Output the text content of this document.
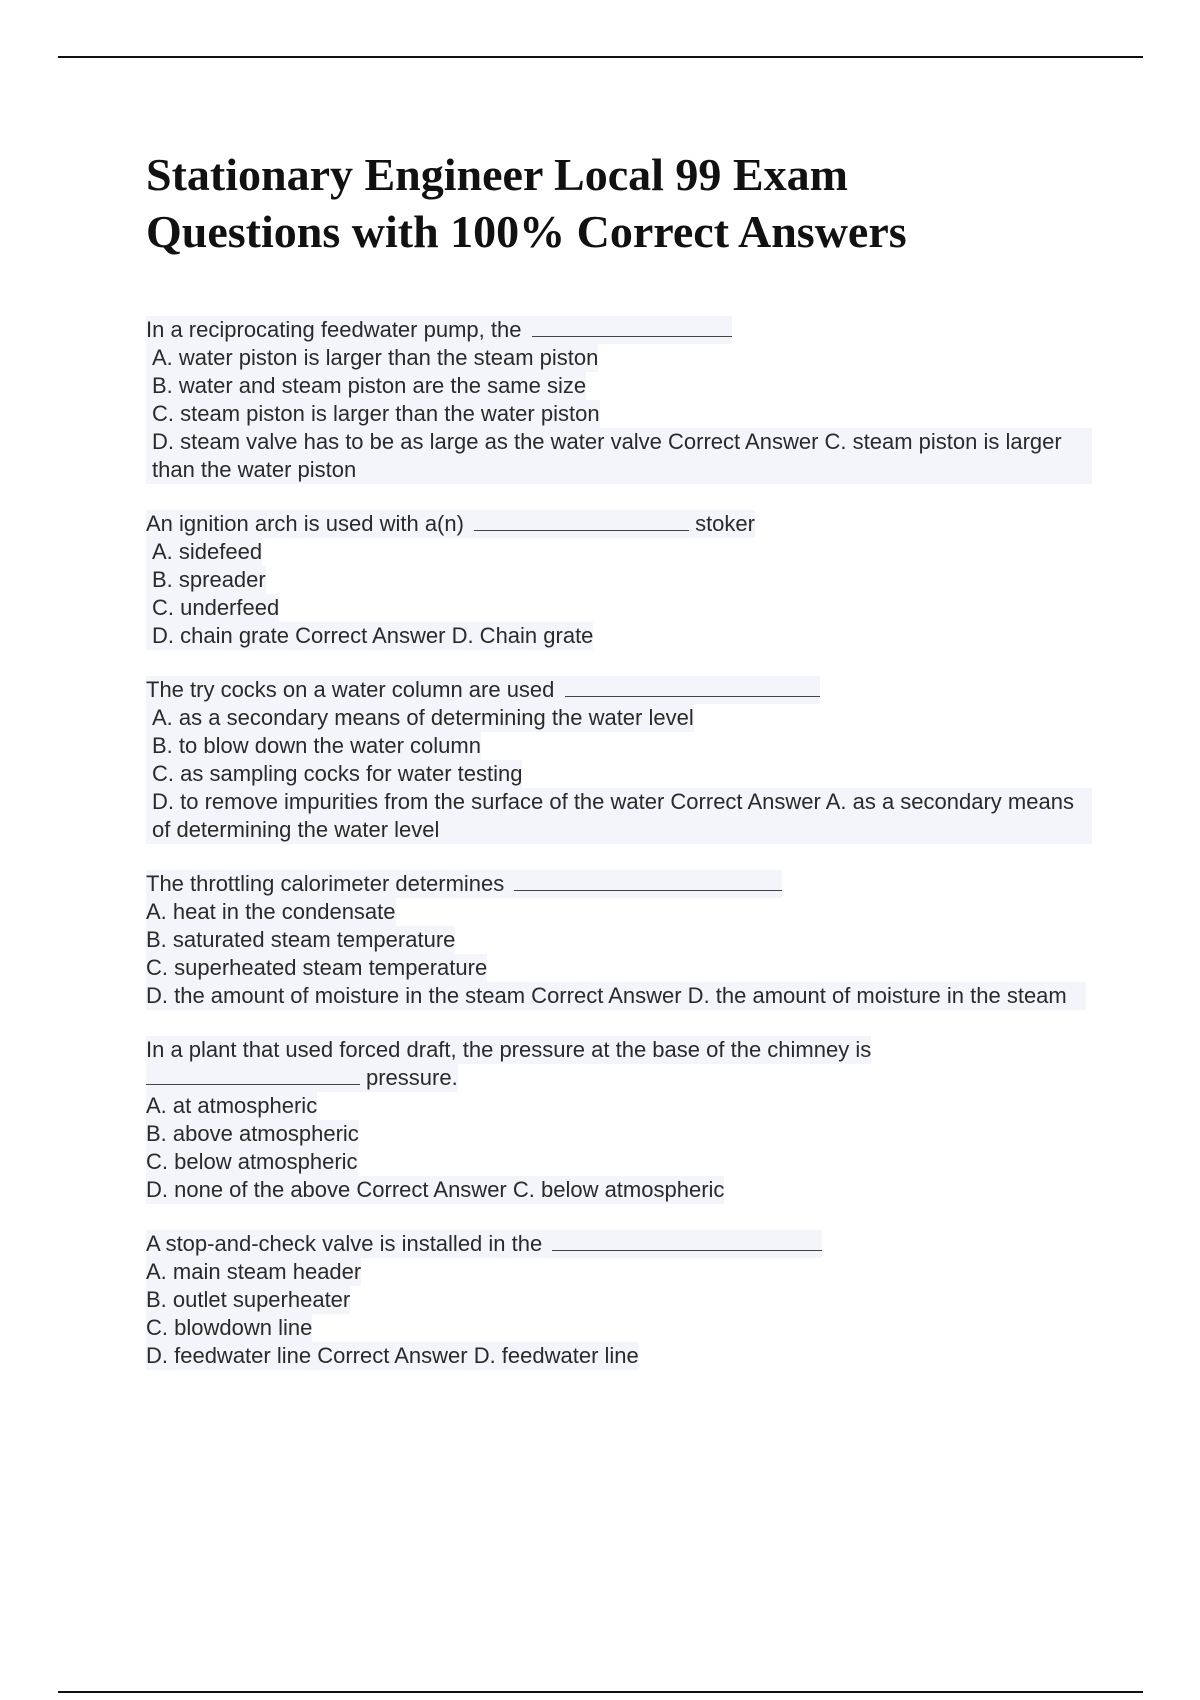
Stationary Engineer Local 99 Exam
Questions with 100% Correct Answers
In a reciprocating feedwater pump, the
A. water piston is larger than the steam piston
B. water and steam piston are the same size
C. steam piston is larger than the water piston
D. steam valve has to be as large as the water valve Correct Answer C. steam piston is larger than the water piston
An ignition arch is used with a(n)	stoker
A. sidefeed
B. spreader
C. underfeed
D. chain grate Correct Answer D. Chain grate
The try cocks on a water column are used
A. as a secondary means of determining the water level
B. to blow down the water column
C. as sampling cocks for water testing
D. to remove impurities from the surface of the water Correct Answer A. as a secondary means of determining the water level
The throttling calorimeter determines
A. heat in the condensate
B. saturated steam temperature
C. superheated steam temperature
D. the amount of moisture in the steam Correct Answer D. the amount of moisture in the steam
In a plant that used forced draft, the pressure at the base of the chimney is
pressure.
A. at atmospheric
B. above atmospheric
C. below atmospheric
D. none of the above Correct Answer C. below atmospheric
A stop-and-check valve is installed in the
A. main steam header
B. outlet superheater
C. blowdown line
D. feedwater line Correct Answer D. feedwater line
